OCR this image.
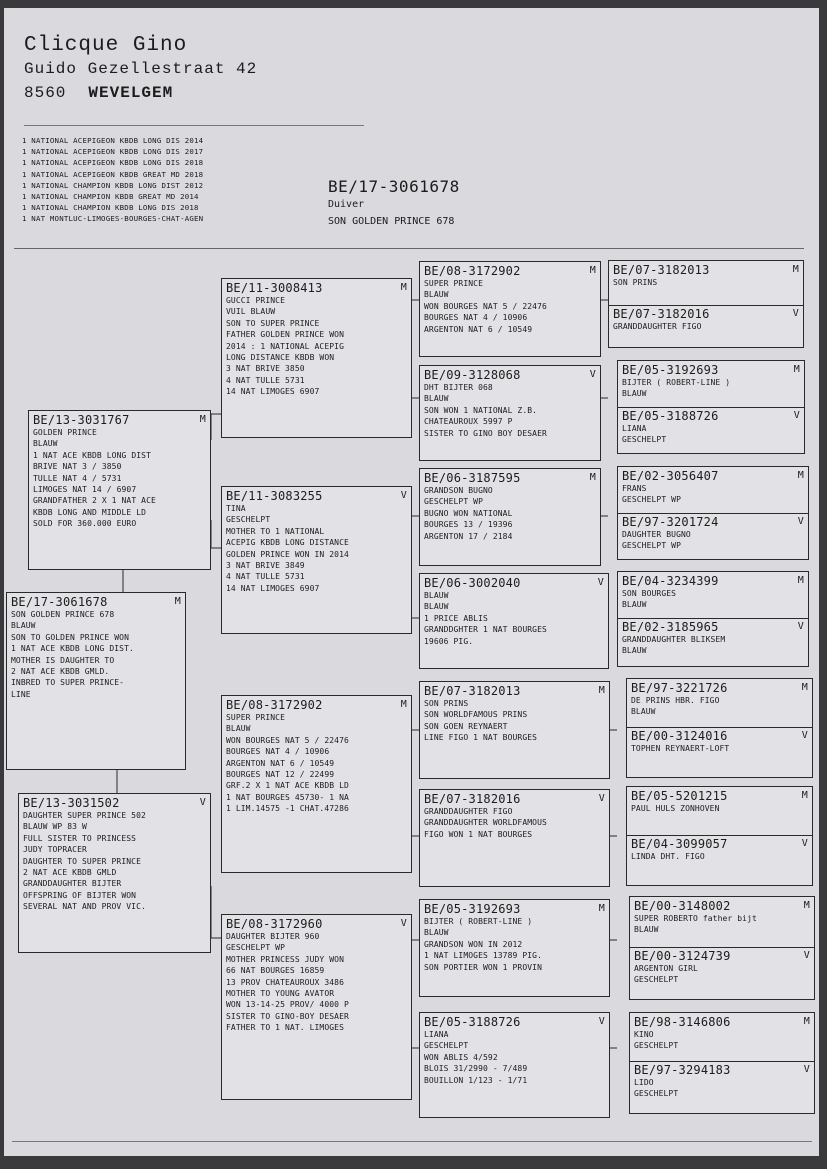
Clicque Gino
Guido Gezellestraat 42
8560 WEVELGEM
1 NATIONAL ACEPIGEON KBDB LONG DIS 2014
1 NATIONAL ACEPIGEON KBDB LONG DIS 2017
1 NATIONAL ACEPIGEON KBDB LONG DIS 2018
1 NATIONAL ACEPIGEON KBDB GREAT MD 2018
1 NATIONAL CHAMPION KBDB LONG DIST 2012
1 NATIONAL CHAMPION KBDB GREAT MD 2014
1 NATIONAL CHAMPION KBDB LONG DIS 2018
1 NAT MONTLUC-LIMOGES-BOURGES-CHAT-AGEN
BE/17-3061678
Duiver
SON GOLDEN PRINCE 678
BE/17-3061678	M
SON GOLDEN PRINCE 678
BLAUW
SON TO GOLDEN PRINCE WON
1 NAT ACE KBDB LONG DIST.
MOTHER IS DAUGHTER TO
2 NAT ACE KBDB GMLD.
INBRED TO SUPER PRINCE-
LINE
BE/13-3031767	M
GOLDEN PRINCE
BLAUW
1 NAT ACE KBDB LONG DIST
BRIVE NAT 3 / 3850
TULLE NAT 4 / 5731
LIMOGES NAT 14 / 6907
GRANDFATHER 2 X 1 NAT ACE
KBDB LONG AND MIDDLE LD
SOLD FOR 360.000 EURO
BE/13-3031502	V
DAUGHTER SUPER PRINCE 502
BLAUW WP 83 W
FULL SISTER TO PRINCESS
JUDY TOPRACER
DAUGHTER TO SUPER PRINCE
2 NAT ACE KBDB GMLD
GRANDDAUGHTER BIJTER
OFFSPRING OF BIJTER WON
SEVERAL NAT AND PROV VIC.
BE/11-3008413	M
GUCCI PRINCE
VUIL BLAUW
SON TO SUPER PRINCE
FATHER GOLDEN PRINCE WON
2014 : 1 NATIONAL ACEPIG
LONG DISTANCE KBDB WON
3 NAT BRIVE 3850
4 NAT TULLE 5731
14 NAT LIMOGES 6907
BE/11-3083255	V
TINA
GESCHELPT
MOTHER TO 1 NATIONAL
ACEPIG KBDB LONG DISTANCE
GOLDEN PRINCE WON IN 2014
3 NAT BRIVE 3849
4 NAT TULLE 5731
14 NAT LIMOGES 6907
BE/08-3172902	M
SUPER PRINCE
BLAUW
WON BOURGES NAT 5 / 22476
BOURGES NAT 4 / 10906
ARGENTON NAT 6 / 10549
BOURGES NAT 12 / 22499
GRF.2 X 1 NAT ACE KBDB LD
1 NAT BOURGES 45730- 1 NA
1 LIM.14575 -1 CHAT.47286
BE/08-3172960	V
DAUGHTER BIJTER 960
GESCHELPT WP
MOTHER PRINCESS JUDY WON
66 NAT BOURGES 16859
13 PROV CHATEAUROUX 3486
MOTHER TO YOUNG AVATOR
WON 13-14-25 PROV/ 4000 P
SISTER TO GINO-BOY DESAER
FATHER TO 1 NAT. LIMOGES
BE/08-3172902	M
SUPER PRINCE
BLAUW
WON BOURGES NAT 5 / 22476
BOURGES NAT 4 / 10906
ARGENTON NAT 6 / 10549
BE/09-3128068	V
DHT BIJTER 068
BLAUW
SON WON 1 NATIONAL Z.B.
CHATEAUROUX 5997 P
SISTER TO GINO BOY DESAER
BE/06-3187595	M
GRANDSON BUGNO
GESCHELPT WP
BUGNO WON NATIONAL
BOURGES 13 / 19396
ARGENTON 17 / 2184
BE/06-3002040	V
BLAUW
BLAUW
1 PRICE ABLIS
GRANDDGHTER 1 NAT BOURGES
19606 PIG.
BE/07-3182013	M
SON PRINS
SON WORLDFAMOUS PRINS
SON GOEN REYNAERT
LINE FIGO 1 NAT BOURGES
BE/07-3182016	V
GRANDDAUGHTER FIGO
GRANDDAUGHTER WORLDFAMOUS
FIGO WON 1 NAT BOURGES
BE/05-3192693	M
BIJTER ( ROBERT-LINE )
BLAUW
GRANDSON WON IN 2012
1 NAT LIMOGES 13789 PIG.
SON PORTIER WON 1 PROVIN
BE/05-3188726	V
LIANA
GESCHELPT
WON ABLIS 4/592
BLOIS 31/2990 - 7/489
BOUILLON 1/123 - 1/71
BE/07-3182013	M
SON PRINS
BE/07-3182016	V
GRANDDAUGHTER FIGO
BE/05-3192693	M
BIJTER ( ROBERT-LINE )
BLAUW
BE/05-3188726	V
LIANA
GESCHELPT
BE/02-3056407	M
FRANS
GESCHELPT WP
BE/97-3201724	V
DAUGHTER BUGNO
GESCHELPT WP
BE/04-3234399	M
SON BOURGES
BLAUW
BE/02-3185965	V
GRANDDAUGHTER BLIKSEM
BLAUW
BE/97-3221726	M
DE PRINS HBR. FIGO
BLAUW
BE/00-3124016	V
TOPHEN REYNAERT-LOFT
BE/05-5201215	M
PAUL HULS ZONHOVEN
BE/04-3099057	V
LINDA DHT. FIGO
BE/00-3148002	M
SUPER ROBERTO father bijt
BLAUW
BE/00-3124739	V
ARGENTON GIRL
GESCHELPT
BE/98-3146806	M
KINO
GESCHELPT
BE/97-3294183	V
LIDO
GESCHELPT
